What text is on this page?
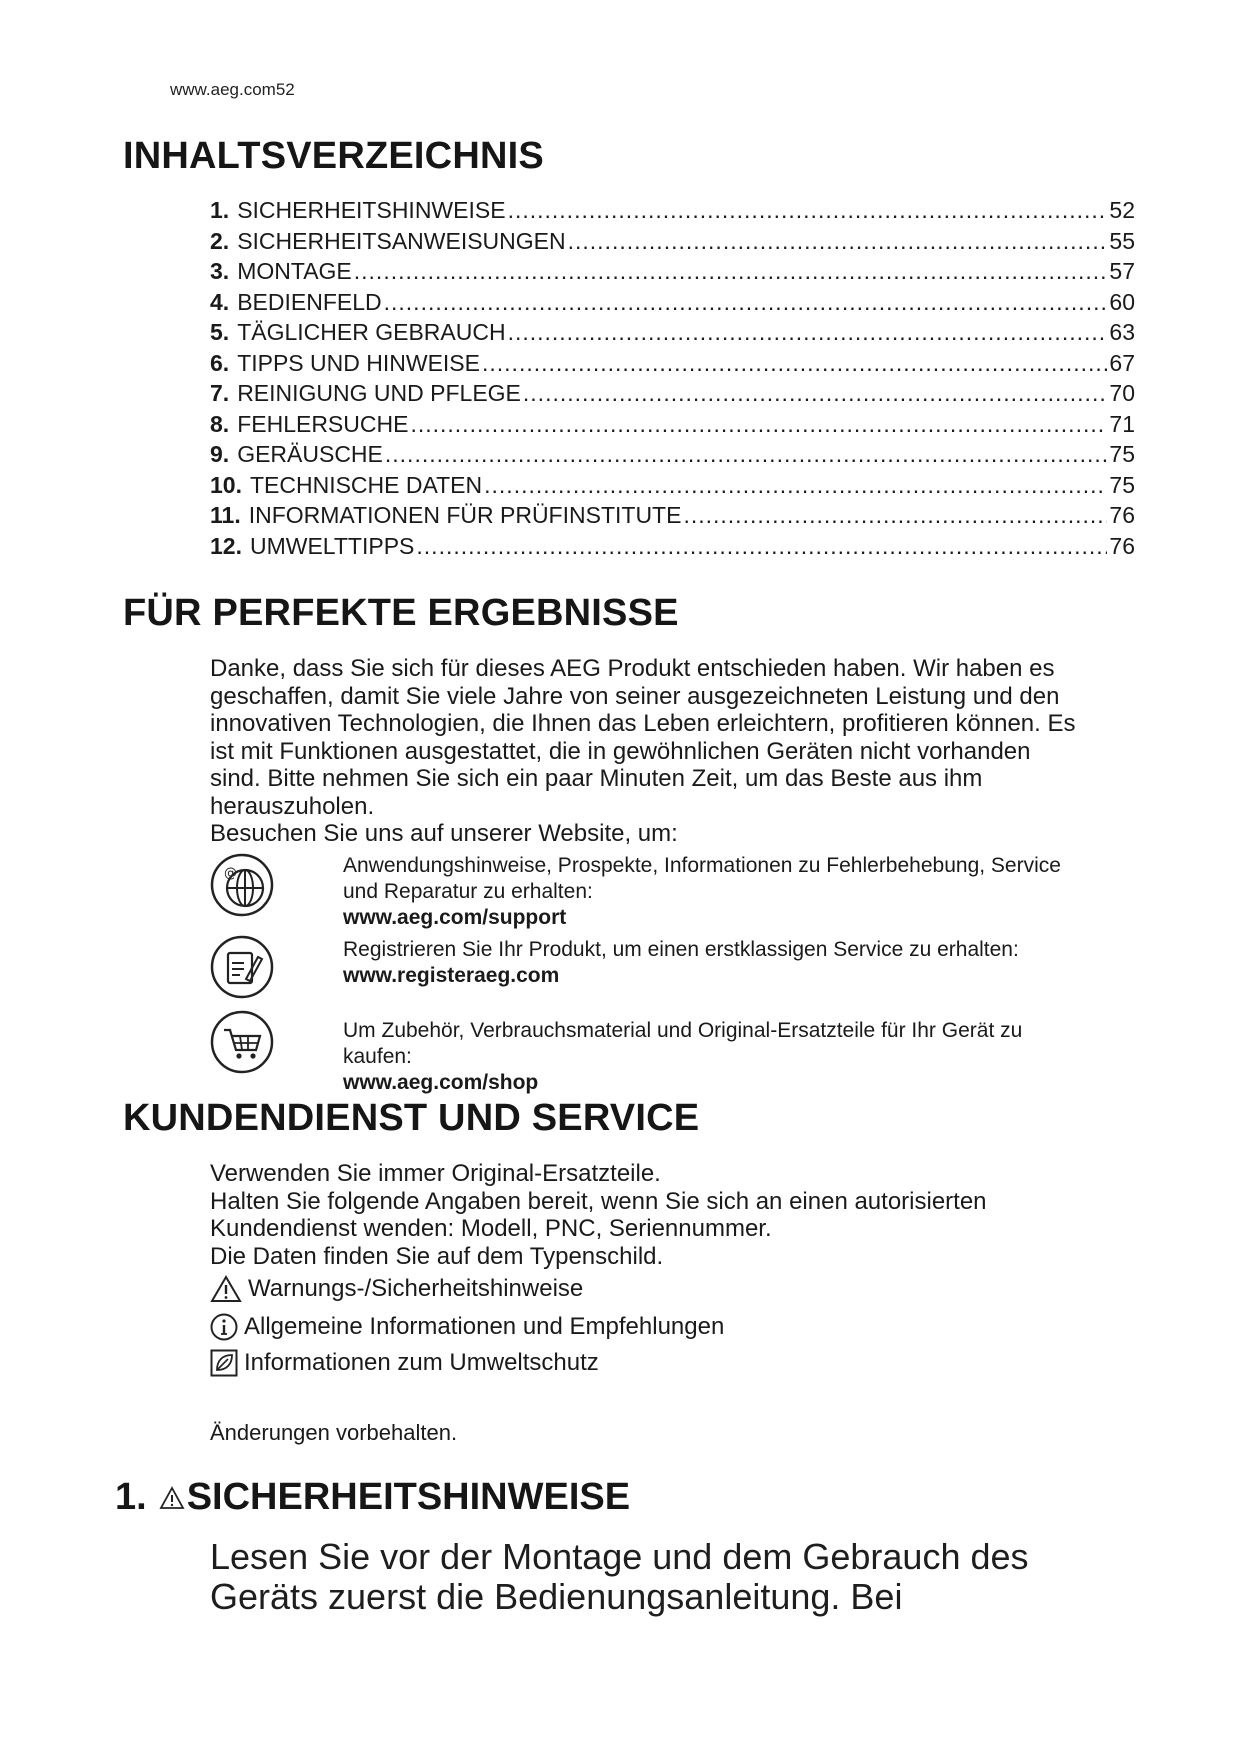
www.aeg.com52
INHALTSVERZEICHNIS
1. SICHERHEITSHINWEISE .....	52
2. SICHERHEITSANWEISUNGEN .....	55
3. MONTAGE .....	57
4. BEDIENFELD .....	60
5. TÄGLICHER GEBRAUCH .....	63
6. TIPPS UND HINWEISE .....	67
7. REINIGUNG UND PFLEGE .....	70
8. FEHLERSUCHE .....	71
9. GERÄUSCHE .....	75
10. TECHNISCHE DATEN .....	75
11. INFORMATIONEN FÜR PRÜFINSTITUTE .....	76
12. UMWELTTIPPS .....	76
FÜR PERFEKTE ERGEBNISSE
Danke, dass Sie sich für dieses AEG Produkt entschieden haben. Wir haben es
geschaffen, damit Sie viele Jahre von seiner ausgezeichneten Leistung und den
innovativen Technologien, die Ihnen das Leben erleichtern, profitieren können. Es
ist mit Funktionen ausgestattet, die in gewöhnlichen Geräten nicht vorhanden
sind. Bitte nehmen Sie sich ein paar Minuten Zeit, um das Beste aus ihm
herauszuholen.
Besuchen Sie uns auf unserer Website, um:
@	Anwendungshinweise, Prospekte, Informationen zu Fehlerbehebung, Service
und Reparatur zu erhalten:
www.aeg.com/support
Registrieren Sie Ihr Produkt, um einen erstklassigen Service zu erhalten:
www.registeraeg.com
Um Zubehör, Verbrauchsmaterial und Original-Ersatzteile für Ihr Gerät zu
kaufen:
www.aeg.com/shop
KUNDENDIENST UND SERVICE
Verwenden Sie immer Original-Ersatzteile.
Halten Sie folgende Angaben bereit, wenn Sie sich an einen autorisierten
Kundendienst wenden: Modell, PNC, Seriennummer.
Die Daten finden Sie auf dem Typenschild.
Warnungs-/Sicherheitshinweise
Allgemeine Informationen und Empfehlungen
Informationen zum Umweltschutz
Änderungen vorbehalten.
1. SICHERHEITSHINWEISE
Lesen Sie vor der Montage und dem Gebrauch des
Geräts zuerst die Bedienungsanleitung. Bei
